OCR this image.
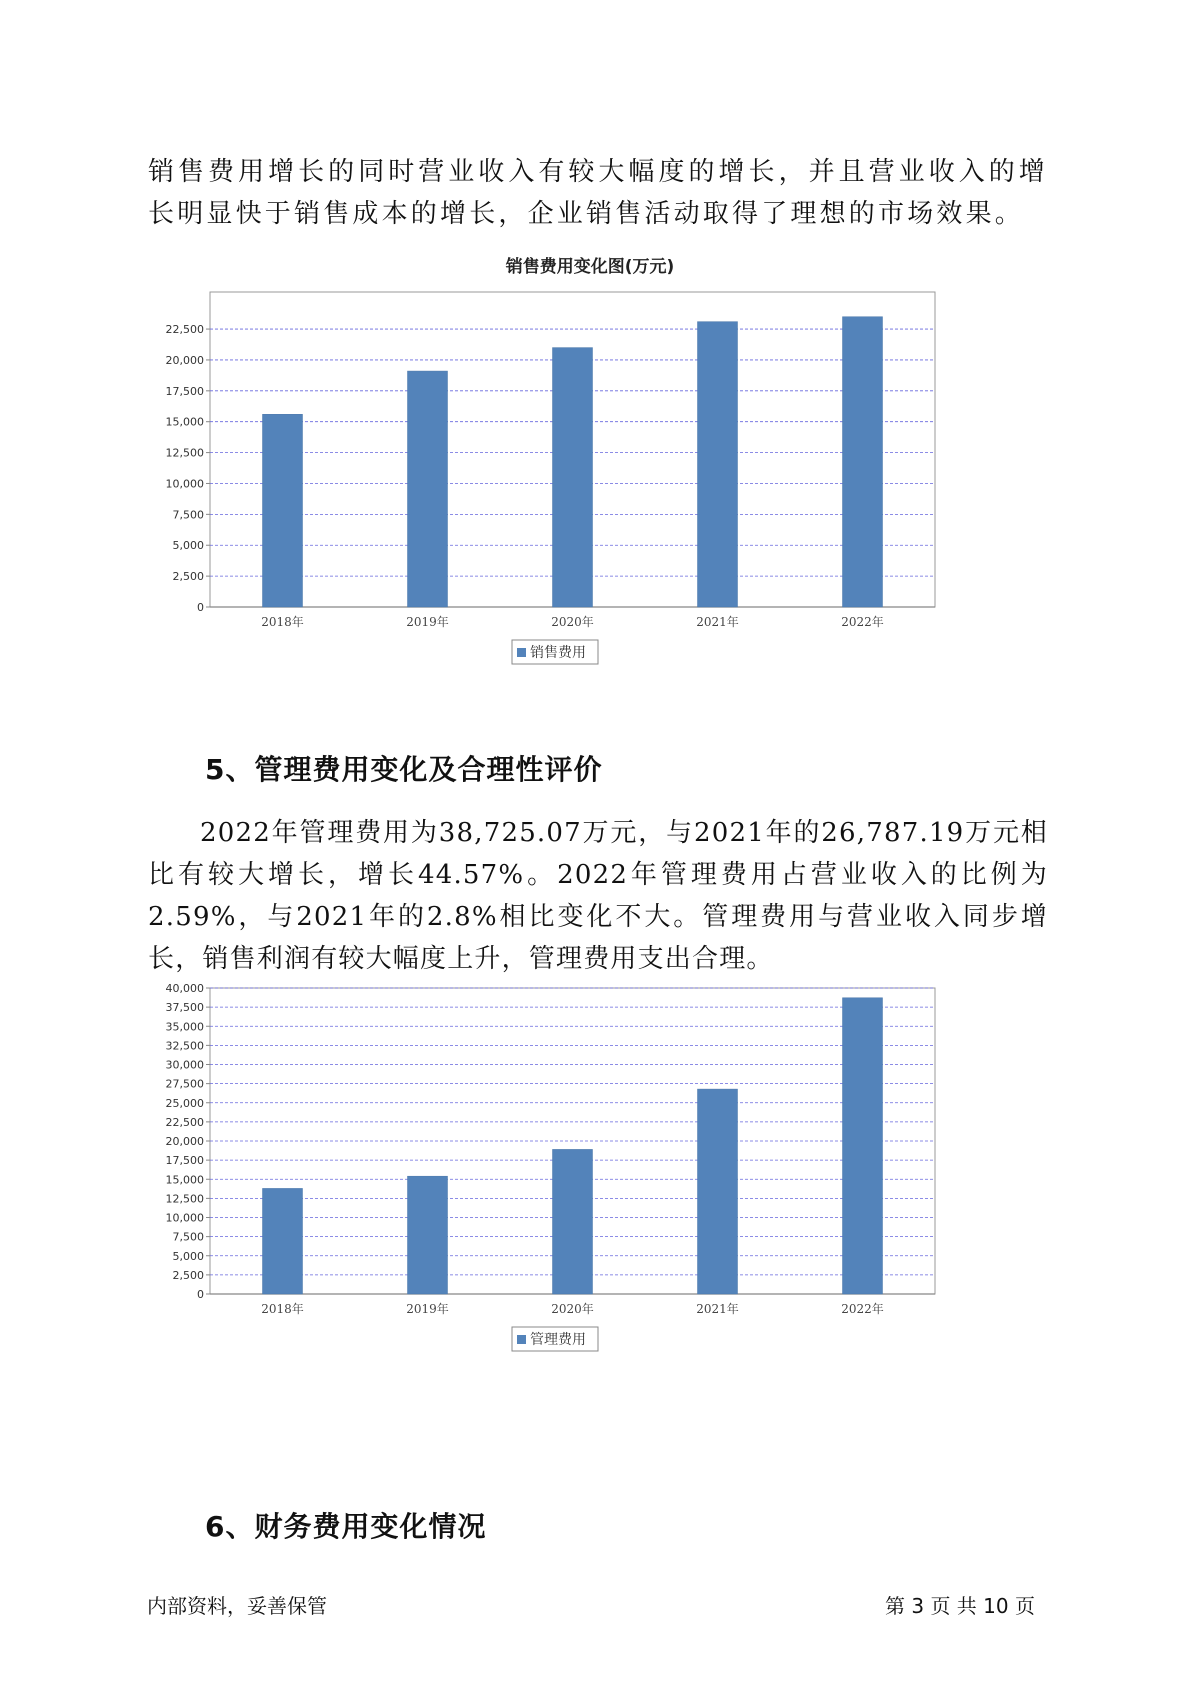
销售费用增长的同时营业收入有较大幅度的增长，并且营业收入的增长明显快于销售成本的增长，企业销售活动取得了理想的市场效果。

销售费用变化图(万元)
0
2,500
5,000
7,500
10,000
12,500
15,000
17,500
20,000
22,500
2018年	2019年	2020年	2021年	2022年
销售费用
5、管理费用变化及合理性评价

2022年管理费用为38,725.07万元，与2021年的26,787.19万元相比有较大增长，增长44.57%。2022年管理费用占营业收入的比例为2.59%，与2021年的2.8%相比变化不大。管理费用与营业收入同步增长，销售利润有较大幅度上升，管理费用支出合理。

0
2,500
5,000
7,500
10,000
12,500
15,000
17,500
20,000
22,500
25,000
27,500
30,000
32,500
35,000
37,500
40,000
2018年	2019年	2020年	2021年	2022年
管理费用
6、财务费用变化情况
内部资料，妥善保管	第 3 页 共 10 页
